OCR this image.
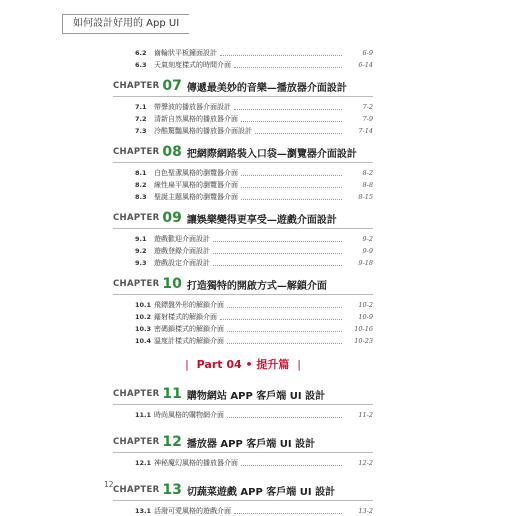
如何設計好用的 App UI
6.2	齒輪狀平板鐘面設計	6-9
6.3	天氣刻度樣式的時間介面	6-14
CHAPTER 07 傳遞最美妙的音樂—播放器介面設計
7.1	帶聲波的播放器介面設計	7-2
7.2	清新自然風格的播放器介面	7-9
7.3	冷酷驚豔風格的播放器介面設計	7-14
CHAPTER 08 把網際網路裝入口袋—瀏覽器介面設計
8.1	白色聖潔風格的瀏覽器介面	8-2
8.2	線性扁平風格的瀏覽器介面	8-8
8.3	聖誕主題風格的瀏覽器介面	8-15
CHAPTER 09 讓娛樂變得更享受—遊戲介面設計
9.1	遊戲歡迎介面設計	9-2
9.2	遊戲登錄介面設計	9-9
9.3	遊戲設定介面設計	9-18
CHAPTER 10 打造獨特的開啟方式—解鎖介面
10.1 飛鏢盤外形的解鎖介面	10-2
10.2 鐳射樣式的解鎖介面	10-9
10.3 密碼鎖樣式的解鎖介面	10-16
10.4 溫度計樣式的解鎖介面	10-23
| Part 04 • 提升篇 |
CHAPTER 11 購物網站 APP 客戶端 UI 設計
11.1 時尚風格的購物網介面	11-2
CHAPTER 12 播放器 APP 客戶端 UI 設計
12.1 神秘魔幻風格的播放器介面	12-2
CHAPTER 13 切蔬菜遊戲 APP 客戶端 UI 設計
13.1 活潑可愛風格的遊戲介面	13-2
12
